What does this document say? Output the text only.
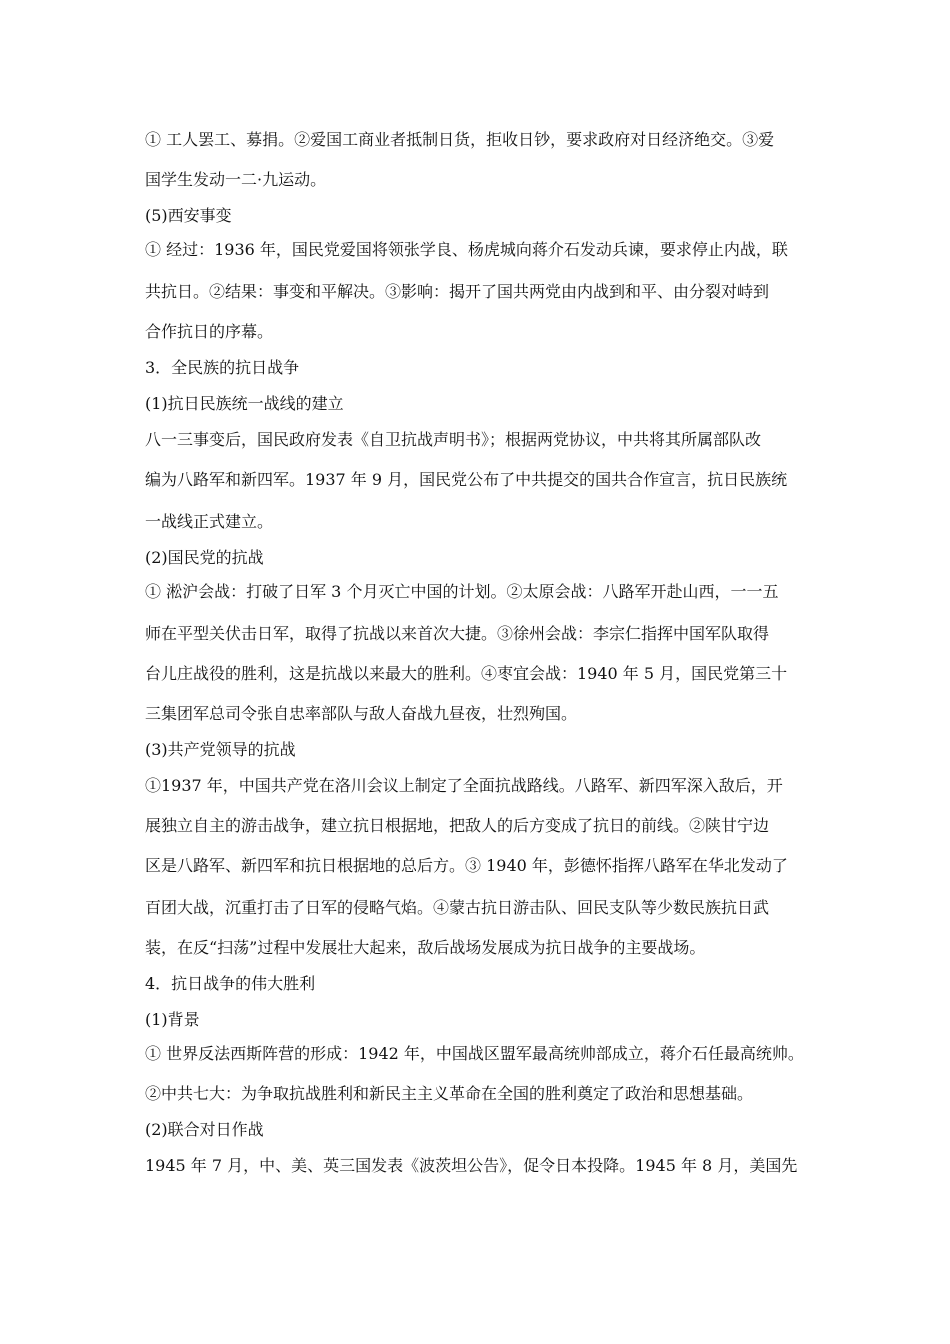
① 工人罢工、募捐。②爱国工商业者抵制日货，拒收日钞，要求政府对日经济绝交。③爱
国学生发动一二·九运动。
(5)西安事变
① 经过：1936 年，国民党爱国将领张学良、杨虎城向蒋介石发动兵谏，要求停止内战，联
共抗日。②结果：事变和平解决。③影响：揭开了国共两党由内战到和平、由分裂对峙到
合作抗日的序幕。
3．全民族的抗日战争
(1)抗日民族统一战线的建立
八一三事变后，国民政府发表《自卫抗战声明书》；根据两党协议，中共将其所属部队改
编为八路军和新四军。1937 年 9 月，国民党公布了中共提交的国共合作宣言，抗日民族统
一战线正式建立。
(2)国民党的抗战
① 淞沪会战：打破了日军 3 个月灭亡中国的计划。②太原会战：八路军开赴山西，一一五
师在平型关伏击日军，取得了抗战以来首次大捷。③徐州会战：李宗仁指挥中国军队取得
台儿庄战役的胜利，这是抗战以来最大的胜利。④枣宜会战：1940 年 5 月，国民党第三十
三集团军总司令张自忠率部队与敌人奋战九昼夜，壮烈殉国。
(3)共产党领导的抗战
①1937 年，中国共产党在洛川会议上制定了全面抗战路线。八路军、新四军深入敌后，开
展独立自主的游击战争，建立抗日根据地，把敌人的后方变成了抗日的前线。②陕甘宁边
区是八路军、新四军和抗日根据地的总后方。③ 1940 年，彭德怀指挥八路军在华北发动了
百团大战，沉重打击了日军的侵略气焰。④蒙古抗日游击队、回民支队等少数民族抗日武
装，在反“扫荡”过程中发展壮大起来，敌后战场发展成为抗日战争的主要战场。
4．抗日战争的伟大胜利
(1)背景
① 世界反法西斯阵营的形成：1942 年，中国战区盟军最高统帅部成立，蒋介石任最高统帅。
②中共七大：为争取抗战胜利和新民主主义革命在全国的胜利奠定了政治和思想基础。
(2)联合对日作战
1945 年 7 月，中、美、英三国发表《波茨坦公告》，促令日本投降。1945 年 8 月，美国先
